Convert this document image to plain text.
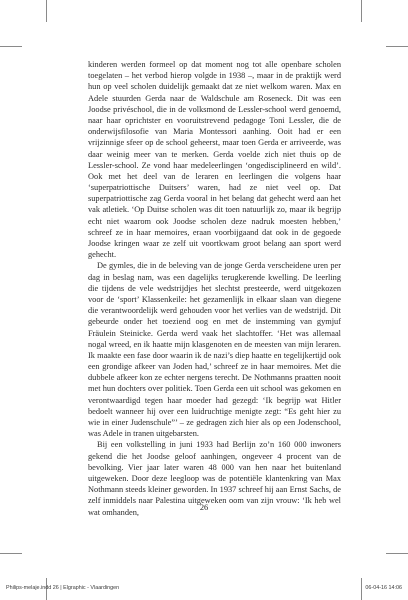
kinderen werden formeel op dat moment nog tot alle openbare scholen toegelaten – het verbod hierop volgde in 1938 –, maar in de praktijk werd hun op veel scholen duidelijk gemaakt dat ze niet welkom waren. Max en Adele stuurden Gerda naar de Waldschule am Roseneck. Dit was een Joodse privéschool, die in de volksmond de Lessler-school werd genoemd, naar haar oprichtster en vooruitstrevend pedagoge Toni Lessler, die de onderwijsfilosofie van Maria Montessori aanhing. Ooit had er een vrijzinnige sfeer op de school geheerst, maar toen Gerda er arriveerde, was daar weinig meer van te merken. Gerda voelde zich niet thuis op de Lessler-school. Ze vond haar medeleerlingen ‘ongedisciplineerd en wild’. Ook met het deel van de leraren en leerlingen die volgens haar ‘superpatriottische Duitsers’ waren, had ze niet veel op. Dat superpatriottische zag Gerda vooral in het belang dat gehecht werd aan het vak atletiek. ‘Op Duitse scholen was dit toen natuurlijk zo, maar ik begrijp echt niet waarom ook Joodse scholen deze nadruk moesten hebben,’ schreef ze in haar memoires, eraan voorbijgaand dat ook in de gegoede Joodse kringen waar ze zelf uit voortkwam groot belang aan sport werd gehecht.

De gymles, die in de beleving van de jonge Gerda verscheidene uren per dag in beslag nam, was een dagelijks terugkerende kwelling. De leerling die tijdens de vele wedstrijdjes het slechtst presteerde, werd uitgekozen voor de ‘sport’ Klassenkeile: het gezamenlijk in elkaar slaan van diegene die verantwoordelijk werd gehouden voor het verlies van de wedstrijd. Dit gebeurde onder het toeziend oog en met de instemming van gymjuf Fräulein Steinicke. Gerda werd vaak het slachtoffer. ‘Het was allemaal nogal wreed, en ik haatte mijn klasgenoten en de meesten van mijn leraren. Ik maakte een fase door waarin ik de nazi’s diep haatte en tegelijkertijd ook een grondige afkeer van Joden had,’ schreef ze in haar memoires. Met die dubbele afkeer kon ze echter nergens terecht. De Nothmanns praatten nooit met hun dochters over politiek. Toen Gerda een uit school was gekomen en verontwaardigd tegen haar moeder had gezegd: ‘Ik begrijp wat Hitler bedoelt wanneer hij over een luidruchtige menigte zegt: “Es geht hier zu wie in einer Judenschule”’ – ze gedragen zich hier als op een Jodenschool, was Adele in tranen uitgebarsten.

Bij een volkstelling in juni 1933 had Berlijn zo’n 160 000 inwoners gekend die het Joodse geloof aanhingen, ongeveer 4 procent van de bevolking. Vier jaar later waren 48 000 van hen naar het buitenland uitgeweken. Door deze leegloop was de potentiële klantenkring van Max Nothmann steeds kleiner geworden. In 1937 schreef hij aan Ernst Sachs, de zelf inmiddels naar Palestina uitgeweken oom van zijn vrouw: ‘Ik heb wel wat omhanden,	26
Philips-melaje.indd 26 | Elgraphic - Vlaardingen	06-04-16 14:06
